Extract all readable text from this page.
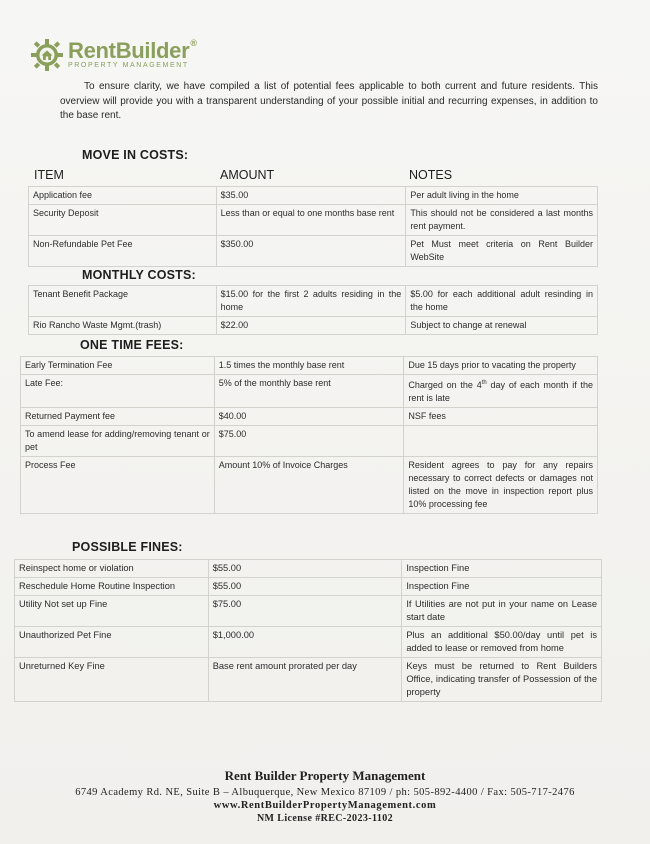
RentBuilder®
PROPERTY MANAGEMENT
To ensure clarity, we have compiled a list of potential fees applicable to both current and future residents. This overview will provide you with a transparent understanding of your possible initial and recurring expenses, in addition to the base rent.
MOVE IN COSTS:
ITEM	AMOUNT	NOTES
Application fee	$35.00	Per adult living in the home
Security Deposit	Less than or equal to one months base rent	This should not be considered a last months rent payment.
Non-Refundable Pet Fee	$350.00	Pet Must meet criteria on Rent Builder WebSite
MONTHLY COSTS:
Tenant Benefit Package	$15.00 for the first 2 adults residing in the home	$5.00 for each additional adult resinding in the home
Rio Rancho Waste Mgmt.(trash)	$22.00	Subject to change at renewal
ONE TIME FEES:
Early Termination Fee	1.5 times the monthly base rent	Due 15 days prior to vacating the property
Late Fee:	5% of the monthly base rent	Charged on the 4th day of each month if the rent is late
Returned Payment fee	$40.00	NSF fees
To amend lease for adding/removing tenant or pet	$75.00	
Process Fee	Amount 10% of Invoice Charges	Resident agrees to pay for any repairs necessary to correct defects or damages not listed on the move in inspection report plus 10% processing fee
POSSIBLE FINES:
Reinspect home or violation	$55.00	Inspection Fine
Reschedule Home Routine Inspection	$55.00	Inspection Fine
Utility Not set up Fine	$75.00	If Utilities are not put in your name on Lease start date
Unauthorized Pet Fine	$1,000.00	Plus an additional $50.00/day until pet is added to lease or removed from home
Unreturned Key Fine	Base rent amount prorated per day	Keys must be returned to Rent Builders Office, indicating transfer of Possession of the property
Rent Builder Property Management
6749 Academy Rd. NE, Suite B – Albuquerque, New Mexico 87109 / ph: 505-892-4400 / Fax: 505-717-2476
www.RentBuilderPropertyManagement.com
NM License #REC-2023-1102
